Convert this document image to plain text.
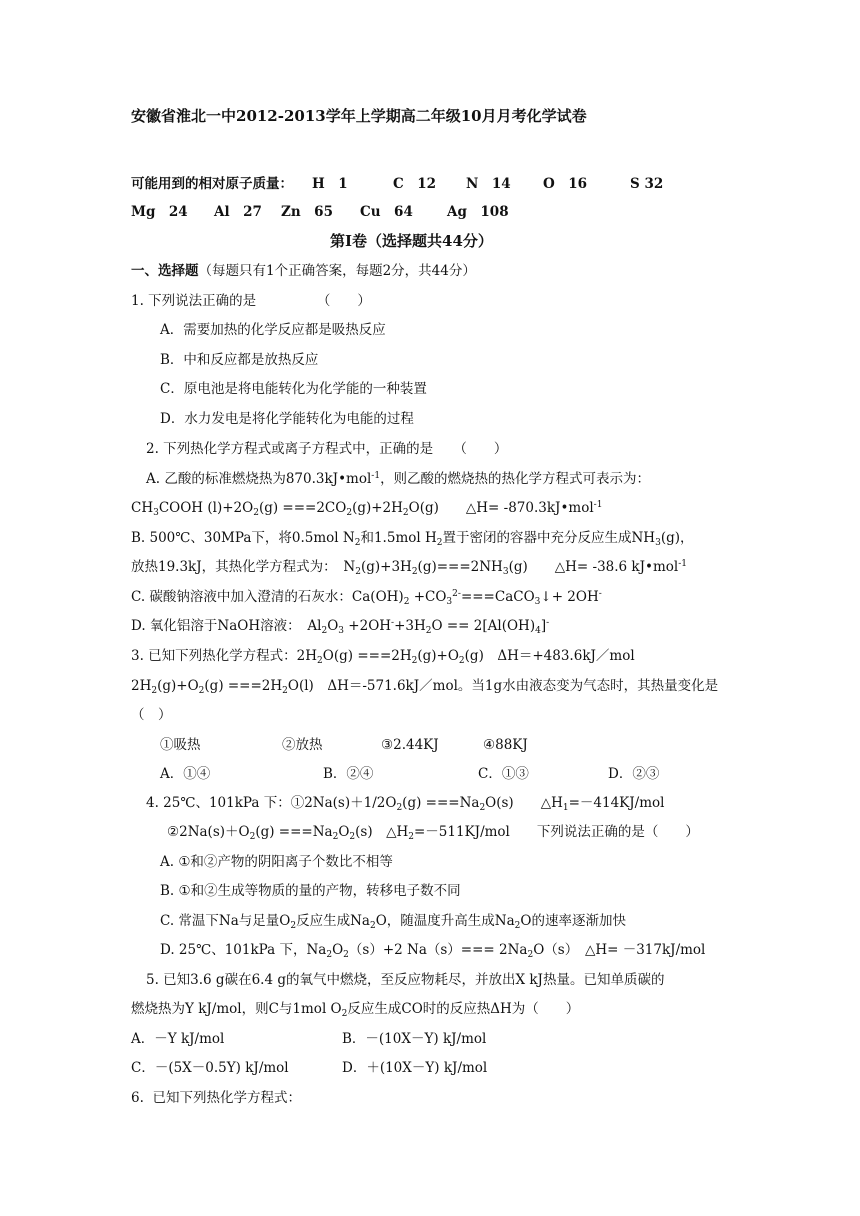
安徽省淮北一中2012-2013学年上学期高二年级10月月考化学试卷
可能用到的相对原子质量： H　1	C　12 N　14 O　16	S 32
Mg　24 Al　27 Zn　65 Cu　64	Ag　108
第Ⅰ卷（选择题共44分）
一、选择题（每题只有1个正确答案，每题2分，共44分）
1. 下列说法正确的是　　　　　（　　）
A．需要加热的化学反应都是吸热反应
B．中和反应都是放热反应
C．原电池是将电能转化为化学能的一种装置
D．水力发电是将化学能转化为电能的过程
2. 下列热化学方程式或离子方程式中，正确的是　　（　　）
A. 乙酸的标准燃烧热为870.3kJ•mol$^{-1}$，则乙酸的燃烧热的热化学方程式可表示为：
$CH_3COOH$ $(l)+2O_2(g) ===2CO_2(g)+2H_2O(g)$　　△H= -870.3kJ•mol$^{-1}$
B. 500℃、30MPa下，将0.5mol $N_2$和1.5mol $H_2$置于密闭的容器中充分反应生成$NH_3(g)$，
放热19.3kJ，其热化学方程式为：　$N_2(g)+3H_2(g)===2NH_3(g)$　　△H= -38.6 kJ•mol$^{-1}$
C. 碳酸钠溶液中加入澄清的石灰水：$Ca(OH)_2$ $+CO_3^{2-}===CaCO_3↓+ 2OH^-$
D. 氧化铝溶于NaOH溶液：　$Al_2O_3 +2OH^-+3H_2O == 2[Al(OH)_4]^-$
3. 已知下列热化学方程式：$2H_2O(g) ===2H_2(g)+O_2(g)$　ΔH＝+483.6kJ／mol
$2H_2(g)+O_2(g) ===2H_2O(l)$　ΔH＝-571.6kJ／mol。当1g水由液态变为气态时，其热量变化是
（　）
①吸热	②放热	③2.44KJ	④88KJ
A．①④	B．②④	C．①③	D．②③
4. 25℃、101kPa 下：$①2Na(s)+1/2O_2(g) ===Na_2O(s)$　　$\triangle H_1=-414KJ$/mol
$②2Na(s)+O_2(g) ===Na_2O_2(s)$　$\triangle H_2=-511KJ$/mol　　下列说法正确的是（　　）
A. ①和②产物的阴阳离子个数比不相等
B. ①和②生成等物质的量的产物，转移电子数不同
C. 常温下Na与足量$O_2$反应生成$Na_2O$，随温度升高生成$Na_2O$的速率逐渐加快
D. 25℃、101kPa 下，$Na_2O_2(s)+2$ $Na(s)=== 2Na_2O(s)$　△H= －317kJ/mol
5. 已知3.6 g碳在6.4 g的氧气中燃烧，至反应物耗尽，并放出X kJ热量。已知单质碳的
燃烧热为Y kJ/mol，则C与1mol $O_2$反应生成CO时的反应热ΔH为（　　）
A．－Y kJ/mol	B．－(10X－Y) kJ/mol
C．－(5X－0.5Y) kJ/mol	D．＋(10X－Y) kJ/mol
6.  已知下列热化学方程式：
